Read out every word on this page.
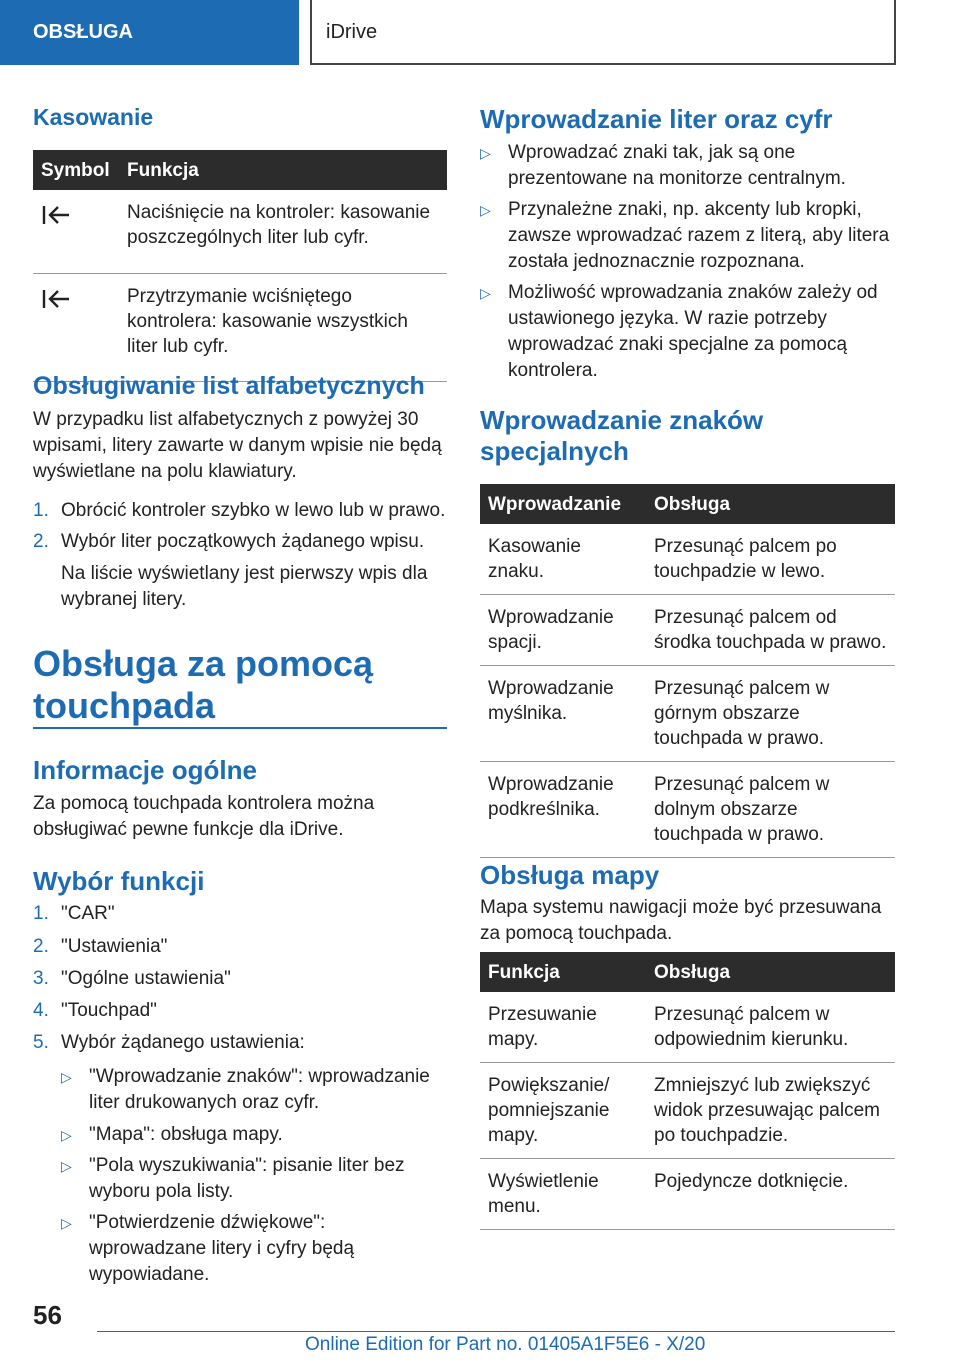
OBSŁUGA	iDrive
Kasowanie
Symbol	Funkcja
	Naciśnięcie na kontroler: kasowanie poszczególnych liter lub cyfr.
	Przytrzymanie wciśniętego kontrolera: kasowanie wszystkich liter lub cyfr.
Obsługiwanie list alfabetycznych
W przypadku list alfabetycznych z powyżej 30 wpisami, litery zawarte w danym wpisie nie będą wyświetlane na polu klawiatury.
1. Obrócić kontroler szybko w lewo lub w prawo.
2. Wybór liter początkowych żądanego wpisu.
Na liście wyświetlany jest pierwszy wpis dla wybranej litery.
Obsługa za pomocą
touchpada
Informacje ogólne
Za pomocą touchpada kontrolera można obsługiwać pewne funkcje dla iDrive.
Wybór funkcji
1. "CAR"
2. "Ustawienia"
3. "Ogólne ustawienia"
4. "Touchpad"
5. Wybór żądanego ustawienia:
▷ "Wprowadzanie znaków": wprowadzanie liter drukowanych oraz cyfr.
▷ "Mapa": obsługa mapy.
▷ "Pola wyszukiwania": pisanie liter bez wyboru pola listy.
▷ "Potwierdzenie dźwiękowe": wprowadzane litery i cyfry będą wypowiadane.
Wprowadzanie liter oraz cyfr
▷ Wprowadzać znaki tak, jak są one prezentowane na monitorze centralnym.
▷ Przynależne znaki, np. akcenty lub kropki, zawsze wprowadzać razem z literą, aby litera została jednoznacznie rozpoznana.
▷ Możliwość wprowadzania znaków zależy od ustawionego języka. W razie potrzeby wprowadzać znaki specjalne za pomocą kontrolera.
Wprowadzanie znaków
specjalnych
Wprowadzanie	Obsługa
Kasowanie znaku.	Przesunąć palcem po touchpadzie w lewo.
Wprowadzanie spacji.	Przesunąć palcem od środka touchpada w prawo.
Wprowadzanie myślnika.	Przesunąć palcem w górnym obszarze touchpada w prawo.
Wprowadzanie podkreślnika.	Przesunąć palcem w dolnym obszarze touchpada w prawo.
Obsługa mapy
Mapa systemu nawigacji może być przesuwana za pomocą touchpada.
Funkcja	Obsługa
Przesuwanie mapy.	Przesunąć palcem w odpowiednim kierunku.
Powiększanie/ pomniejszanie mapy.	Zmniejszyć lub zwiększyć widok przesuwając palcem po touchpadzie.
Wyświetlenie menu.	Pojedyncze dotknięcie.
56
Online Edition for Part no. 01405A1F5E6 - X/20
